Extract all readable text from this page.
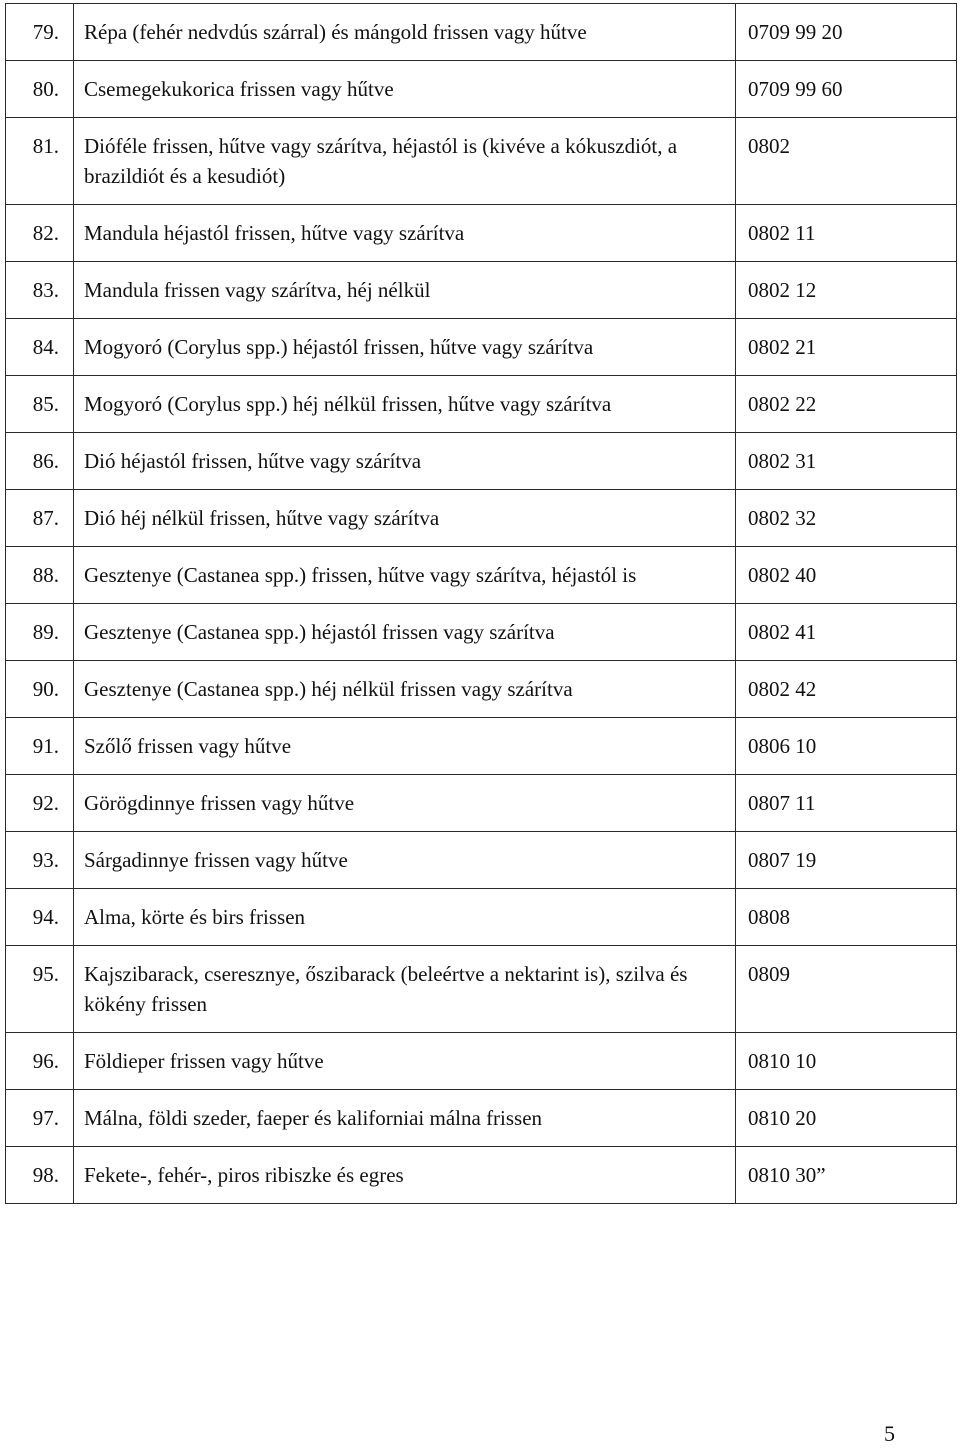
79.	Répa (fehér nedvdús szárral) és mángold frissen vagy hűtve	0709 99 20
80.	Csemegekukorica frissen vagy hűtve	0709 99 60
81.	Dióféle frissen, hűtve vagy szárítva, héjastól is (kivéve a kókuszdiót, a brazildiót és a kesudiót)	0802
82.	Mandula héjastól frissen, hűtve vagy szárítva	0802 11
83.	Mandula frissen vagy szárítva, héj nélkül	0802 12
84.	Mogyoró (Corylus spp.) héjastól frissen, hűtve vagy szárítva	0802 21
85.	Mogyoró (Corylus spp.) héj nélkül frissen, hűtve vagy szárítva	0802 22
86.	Dió héjastól frissen, hűtve vagy szárítva	0802 31
87.	Dió héj nélkül frissen, hűtve vagy szárítva	0802 32
88.	Gesztenye (Castanea spp.) frissen, hűtve vagy szárítva, héjastól is	0802 40
89.	Gesztenye (Castanea spp.) héjastól frissen vagy szárítva	0802 41
90.	Gesztenye (Castanea spp.) héj nélkül frissen vagy szárítva	0802 42
91.	Szőlő frissen vagy hűtve	0806 10
92.	Görögdinnye frissen vagy hűtve	0807 11
93.	Sárgadinnye frissen vagy hűtve	0807 19
94.	Alma, körte és birs frissen	0808
95.	Kajszibarack, cseresznye, őszibarack (beleértve a nektarint is), szilva és kökény frissen	0809
96.	Földieper frissen vagy hűtve	0810 10
97.	Málna, földi szeder, faeper és kaliforniai málna frissen	0810 20
98.	Fekete-, fehér-, piros ribiszke és egres	0810 30”
5
